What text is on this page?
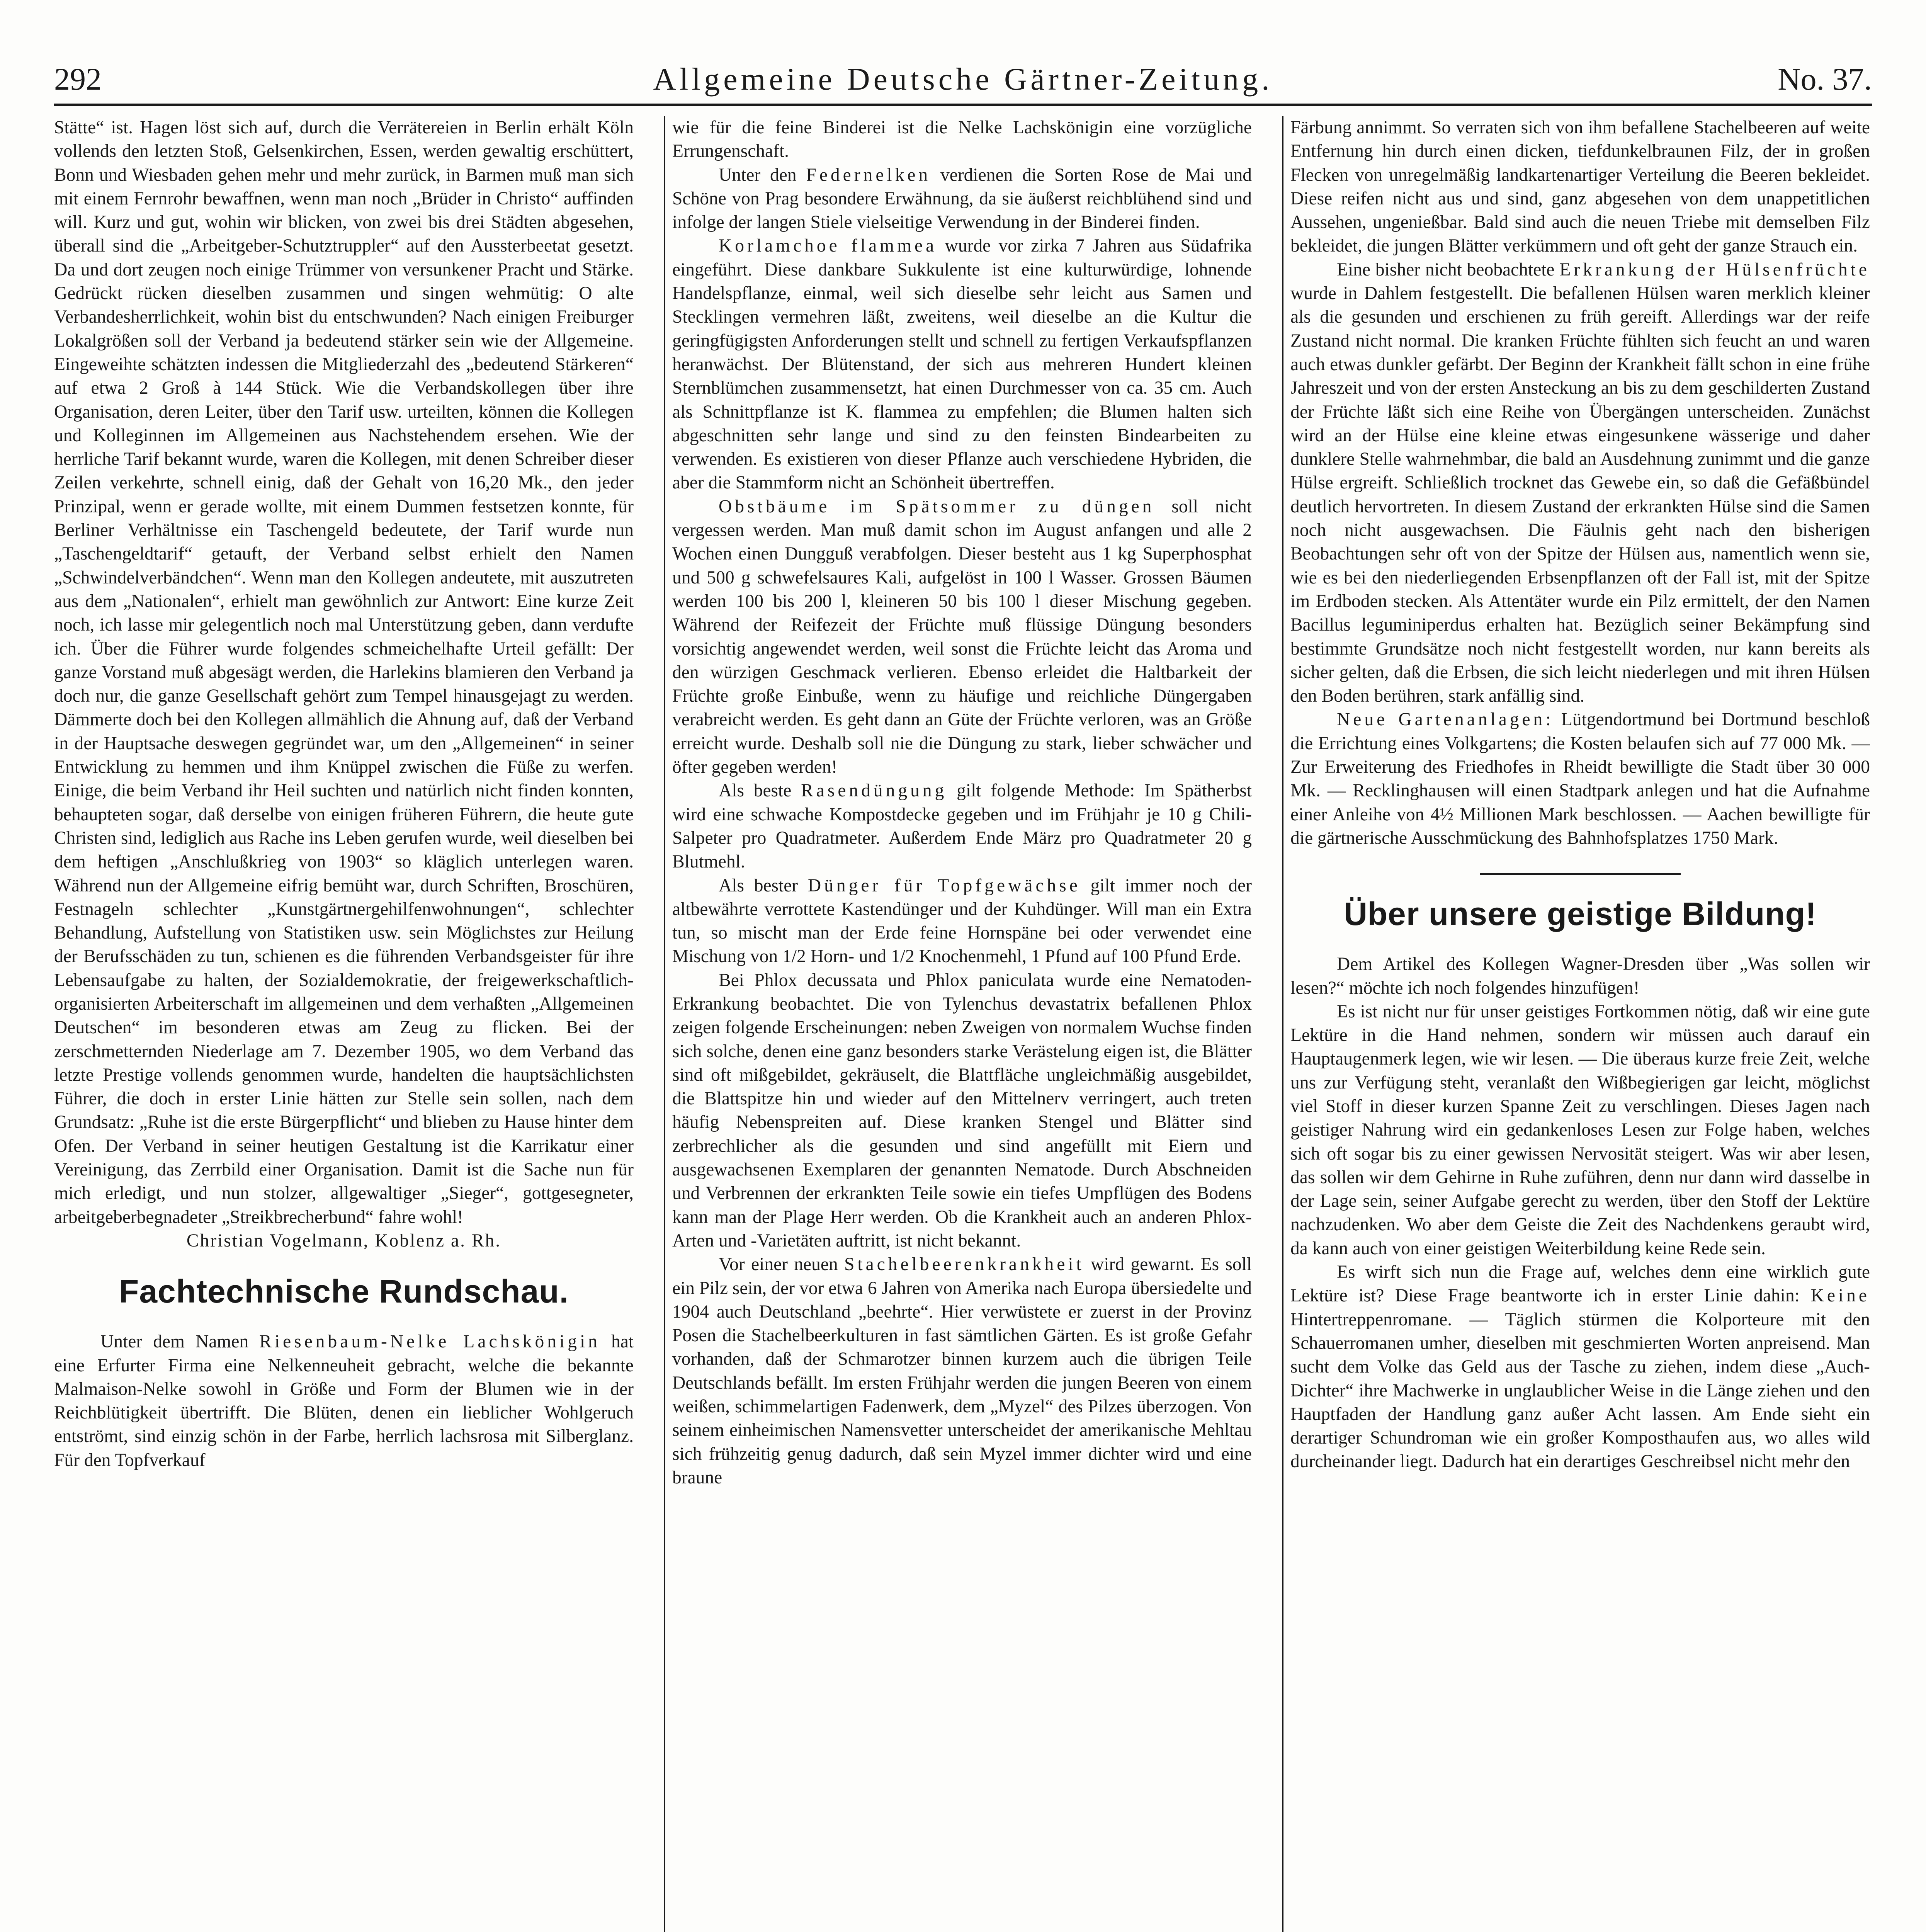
292	Allgemeine Deutsche Gärtner-Zeitung.	No. 37.

Stätte“ ist. Hagen löst sich auf, durch die Verrätereien in Berlin erhält Köln vollends den letzten Stoß, Gelsenkirchen, Essen, werden gewaltig erschüttert, Bonn und Wiesbaden gehen mehr und mehr zurück, in Barmen muß man sich mit einem Fernrohr bewaffnen, wenn man noch „Brüder in Christo“ auffinden will. Kurz und gut, wohin wir blicken, von zwei bis drei Städten abgesehen, überall sind die „Arbeitgeber-Schutztruppler“ auf den Aussterbeetat gesetzt. Da und dort zeugen noch einige Trümmer von versunkener Pracht und Stärke. Gedrückt rücken dieselben zusammen und singen wehmütig: O alte Verbandesherrlichkeit, wohin bist du entschwunden? Nach einigen Freiburger Lokalgrößen soll der Verband ja bedeutend stärker sein wie der Allgemeine. Eingeweihte schätzten indessen die Mitgliederzahl des „bedeutend Stärkeren“ auf etwa 2 Groß à 144 Stück. Wie die Verbandskollegen über ihre Organisation, deren Leiter, über den Tarif usw. urteilten, können die Kollegen und Kolleginnen im Allgemeinen aus Nachstehendem ersehen. Wie der herrliche Tarif bekannt wurde, waren die Kollegen, mit denen Schreiber dieser Zeilen verkehrte, schnell einig, daß der Gehalt von 16,20 Mk., den jeder Prinzipal, wenn er gerade wollte, mit einem Dummen festsetzen konnte, für Berliner Verhältnisse ein Taschengeld bedeutete, der Tarif wurde nun „Taschengeldtarif“ getauft, der Verband selbst erhielt den Namen „Schwindelverbändchen“. Wenn man den Kollegen andeutete, mit auszutreten aus dem „Nationalen“, erhielt man gewöhnlich zur Antwort: Eine kurze Zeit noch, ich lasse mir gelegentlich noch mal Unterstützung geben, dann verdufte ich. Über die Führer wurde folgendes schmeichelhafte Urteil gefällt: Der ganze Vorstand muß abgesägt werden, die Harlekins blamieren den Verband ja doch nur, die ganze Gesellschaft gehört zum Tempel hinausgejagt zu werden. Dämmerte doch bei den Kollegen allmählich die Ahnung auf, daß der Verband in der Hauptsache deswegen gegründet war, um den „Allgemeinen“ in seiner Entwicklung zu hemmen und ihm Knüppel zwischen die Füße zu werfen. Einige, die beim Verband ihr Heil suchten und natürlich nicht finden konnten, behaupteten sogar, daß derselbe von einigen früheren Führern, die heute gute Christen sind, lediglich aus Rache ins Leben gerufen wurde, weil dieselben bei dem heftigen „Anschlußkrieg von 1903“ so kläglich unterlegen waren. Während nun der Allgemeine eifrig bemüht war, durch Schriften, Broschüren, Festnageln schlechter „Kunstgärtnergehilfenwohnungen“, schlechter Behandlung, Aufstellung von Statistiken usw. sein Möglichstes zur Heilung der Berufsschäden zu tun, schienen es die führenden Verbandsgeister für ihre Lebensaufgabe zu halten, der Sozialdemokratie, der freigewerkschaftlich-organisierten Arbeiterschaft im allgemeinen und dem verhaßten „Allgemeinen Deutschen“ im besonderen etwas am Zeug zu flicken. Bei der zerschmetternden Niederlage am 7. Dezember 1905, wo dem Verband das letzte Prestige vollends genommen wurde, handelten die hauptsächlichsten Führer, die doch in erster Linie hätten zur Stelle sein sollen, nach dem Grundsatz: „Ruhe ist die erste Bürgerpflicht“ und blieben zu Hause hinter dem Ofen. Der Verband in seiner heutigen Gestaltung ist die Karrikatur einer Vereinigung, das Zerrbild einer Organisation. Damit ist die Sache nun für mich erledigt, und nun stolzer, allgewaltiger „Sieger“, gottgesegneter, arbeitgeberbegnadeter „Streikbrecherbund“ fahre wohl!

Christian Vogelmann, Koblenz a. Rh.

Fachtechnische Rundschau.

Unter dem Namen Riesenbaum-Nelke Lachskönigin hat eine Erfurter Firma eine Nelkenneuheit gebracht, welche die bekannte Malmaison-Nelke sowohl in Größe und Form der Blumen wie in der Reichblütigkeit übertrifft. Die Blüten, denen ein lieblicher Wohlgeruch entströmt, sind einzig schön in der Farbe, herrlich lachsrosa mit Silberglanz. Für den Topfverkauf

wie für die feine Binderei ist die Nelke Lachskönigin eine vorzügliche Errungenschaft.

Unter den Federnelken verdienen die Sorten Rose de Mai und Schöne von Prag besondere Erwähnung, da sie äußerst reichblühend sind und infolge der langen Stiele vielseitige Verwendung in der Binderei finden.

Korlamchoe flammea wurde vor zirka 7 Jahren aus Südafrika eingeführt. Diese dankbare Sukkulente ist eine kulturwürdige, lohnende Handelspflanze, einmal, weil sich dieselbe sehr leicht aus Samen und Stecklingen vermehren läßt, zweitens, weil dieselbe an die Kultur die geringfügigsten Anforderungen stellt und schnell zu fertigen Verkaufspflanzen heranwächst. Der Blütenstand, der sich aus mehreren Hundert kleinen Sternblümchen zusammensetzt, hat einen Durchmesser von ca. 35 cm. Auch als Schnittpflanze ist K. flammea zu empfehlen; die Blumen halten sich abgeschnitten sehr lange und sind zu den feinsten Bindearbeiten zu verwenden. Es existieren von dieser Pflanze auch verschiedene Hybriden, die aber die Stammform nicht an Schönheit übertreffen.

Obstbäume im Spätsommer zu düngen soll nicht vergessen werden. Man muß damit schon im August anfangen und alle 2 Wochen einen Dungguß verabfolgen. Dieser besteht aus 1 kg Superphosphat und 500 g schwefelsaures Kali, aufgelöst in 100 l Wasser. Grossen Bäumen werden 100 bis 200 l, kleineren 50 bis 100 l dieser Mischung gegeben. Während der Reifezeit der Früchte muß flüssige Düngung besonders vorsichtig angewendet werden, weil sonst die Früchte leicht das Aroma und den würzigen Geschmack verlieren. Ebenso erleidet die Haltbarkeit der Früchte große Einbuße, wenn zu häufige und reichliche Düngergaben verabreicht werden. Es geht dann an Güte der Früchte verloren, was an Größe erreicht wurde. Deshalb soll nie die Düngung zu stark, lieber schwächer und öfter gegeben werden!

Als beste Rasendüngung gilt folgende Methode: Im Spätherbst wird eine schwache Kompostdecke gegeben und im Frühjahr je 10 g Chili-Salpeter pro Quadratmeter. Außerdem Ende März pro Quadratmeter 20 g Blutmehl.

Als bester Dünger für Topfgewächse gilt immer noch der altbewährte verrottete Kastendünger und der Kuhdünger. Will man ein Extra tun, so mischt man der Erde feine Hornspäne bei oder verwendet eine Mischung von 1/2 Horn- und 1/2 Knochenmehl, 1 Pfund auf 100 Pfund Erde.

Bei Phlox decussata und Phlox paniculata wurde eine Nematoden-Erkrankung beobachtet. Die von Tylenchus devastatrix befallenen Phlox zeigen folgende Erscheinungen: neben Zweigen von normalem Wuchse finden sich solche, denen eine ganz besonders starke Verästelung eigen ist, die Blätter sind oft mißgebildet, gekräuselt, die Blattfläche ungleichmäßig ausgebildet, die Blattspitze hin und wieder auf den Mittelnerv verringert, auch treten häufig Nebenspreiten auf. Diese kranken Stengel und Blätter sind zerbrechlicher als die gesunden und sind angefüllt mit Eiern und ausgewachsenen Exemplaren der genannten Nematode. Durch Abschneiden und Verbrennen der erkrankten Teile sowie ein tiefes Umpflügen des Bodens kann man der Plage Herr werden. Ob die Krankheit auch an anderen Phlox-Arten und -Varietäten auftritt, ist nicht bekannt.

Vor einer neuen Stachelbeerenkrankheit wird gewarnt. Es soll ein Pilz sein, der vor etwa 6 Jahren von Amerika nach Europa übersiedelte und 1904 auch Deutschland „beehrte“. Hier verwüstete er zuerst in der Provinz Posen die Stachelbeerkulturen in fast sämtlichen Gärten. Es ist große Gefahr vorhanden, daß der Schmarotzer binnen kurzem auch die übrigen Teile Deutschlands befällt. Im ersten Frühjahr werden die jungen Beeren von einem weißen, schimmelartigen Fadenwerk, dem „Myzel“ des Pilzes überzogen. Von seinem einheimischen Namensvetter unterscheidet der amerikanische Mehltau sich frühzeitig genug dadurch, daß sein Myzel immer dichter wird und eine braune

Färbung annimmt. So verraten sich von ihm befallene Stachelbeeren auf weite Entfernung hin durch einen dicken, tiefdunkelbraunen Filz, der in großen Flecken von unregelmäßig landkartenartiger Verteilung die Beeren bekleidet. Diese reifen nicht aus und sind, ganz abgesehen von dem unappetitlichen Aussehen, ungenießbar. Bald sind auch die neuen Triebe mit demselben Filz bekleidet, die jungen Blätter verkümmern und oft geht der ganze Strauch ein.

Eine bisher nicht beobachtete Erkrankung der Hülsenfrüchte wurde in Dahlem festgestellt. Die befallenen Hülsen waren merklich kleiner als die gesunden und erschienen zu früh gereift. Allerdings war der reife Zustand nicht normal. Die kranken Früchte fühlten sich feucht an und waren auch etwas dunkler gefärbt. Der Beginn der Krankheit fällt schon in eine frühe Jahreszeit und von der ersten Ansteckung an bis zu dem geschilderten Zustand der Früchte läßt sich eine Reihe von Übergängen unterscheiden. Zunächst wird an der Hülse eine kleine etwas eingesunkene wässerige und daher dunklere Stelle wahrnehmbar, die bald an Ausdehnung zunimmt und die ganze Hülse ergreift. Schließlich trocknet das Gewebe ein, so daß die Gefäßbündel deutlich hervortreten. In diesem Zustand der erkrankten Hülse sind die Samen noch nicht ausgewachsen. Die Fäulnis geht nach den bisherigen Beobachtungen sehr oft von der Spitze der Hülsen aus, namentlich wenn sie, wie es bei den niederliegenden Erbsenpflanzen oft der Fall ist, mit der Spitze im Erdboden stecken. Als Attentäter wurde ein Pilz ermittelt, der den Namen Bacillus leguminiperdus erhalten hat. Bezüglich seiner Bekämpfung sind bestimmte Grundsätze noch nicht festgestellt worden, nur kann bereits als sicher gelten, daß die Erbsen, die sich leicht niederlegen und mit ihren Hülsen den Boden berühren, stark anfällig sind.

Neue Gartenanlagen: Lütgendortmund bei Dortmund beschloß die Errichtung eines Volkgartens; die Kosten belaufen sich auf 77 000 Mk. — Zur Erweiterung des Friedhofes in Rheidt bewilligte die Stadt über 30 000 Mk. — Recklinghausen will einen Stadtpark anlegen und hat die Aufnahme einer Anleihe von 4½ Millionen Mark beschlossen. — Aachen bewilligte für die gärtnerische Ausschmückung des Bahnhofsplatzes 1750 Mark.

Über unsere geistige Bildung!

Dem Artikel des Kollegen Wagner-Dresden über „Was sollen wir lesen?“ möchte ich noch folgendes hinzufügen!

Es ist nicht nur für unser geistiges Fortkommen nötig, daß wir eine gute Lektüre in die Hand nehmen, sondern wir müssen auch darauf ein Hauptaugenmerk legen, wie wir lesen. — Die überaus kurze freie Zeit, welche uns zur Verfügung steht, veranlaßt den Wißbegierigen gar leicht, möglichst viel Stoff in dieser kurzen Spanne Zeit zu verschlingen. Dieses Jagen nach geistiger Nahrung wird ein gedankenloses Lesen zur Folge haben, welches sich oft sogar bis zu einer gewissen Nervosität steigert. Was wir aber lesen, das sollen wir dem Gehirne in Ruhe zuführen, denn nur dann wird dasselbe in der Lage sein, seiner Aufgabe gerecht zu werden, über den Stoff der Lektüre nachzudenken. Wo aber dem Geiste die Zeit des Nachdenkens geraubt wird, da kann auch von einer geistigen Weiterbildung keine Rede sein.

Es wirft sich nun die Frage auf, welches denn eine wirklich gute Lektüre ist? Diese Frage beantworte ich in erster Linie dahin: Keine Hintertreppenromane. — Täglich stürmen die Kolporteure mit den Schauerromanen umher, dieselben mit geschmierten Worten anpreisend. Man sucht dem Volke das Geld aus der Tasche zu ziehen, indem diese „Auch-Dichter“ ihre Machwerke in unglaublicher Weise in die Länge ziehen und den Hauptfaden der Handlung ganz außer Acht lassen. Am Ende sieht ein derartiger Schundroman wie ein großer Komposthaufen aus, wo alles wild durcheinander liegt. Dadurch hat ein derartiges Geschreibsel nicht mehr den
